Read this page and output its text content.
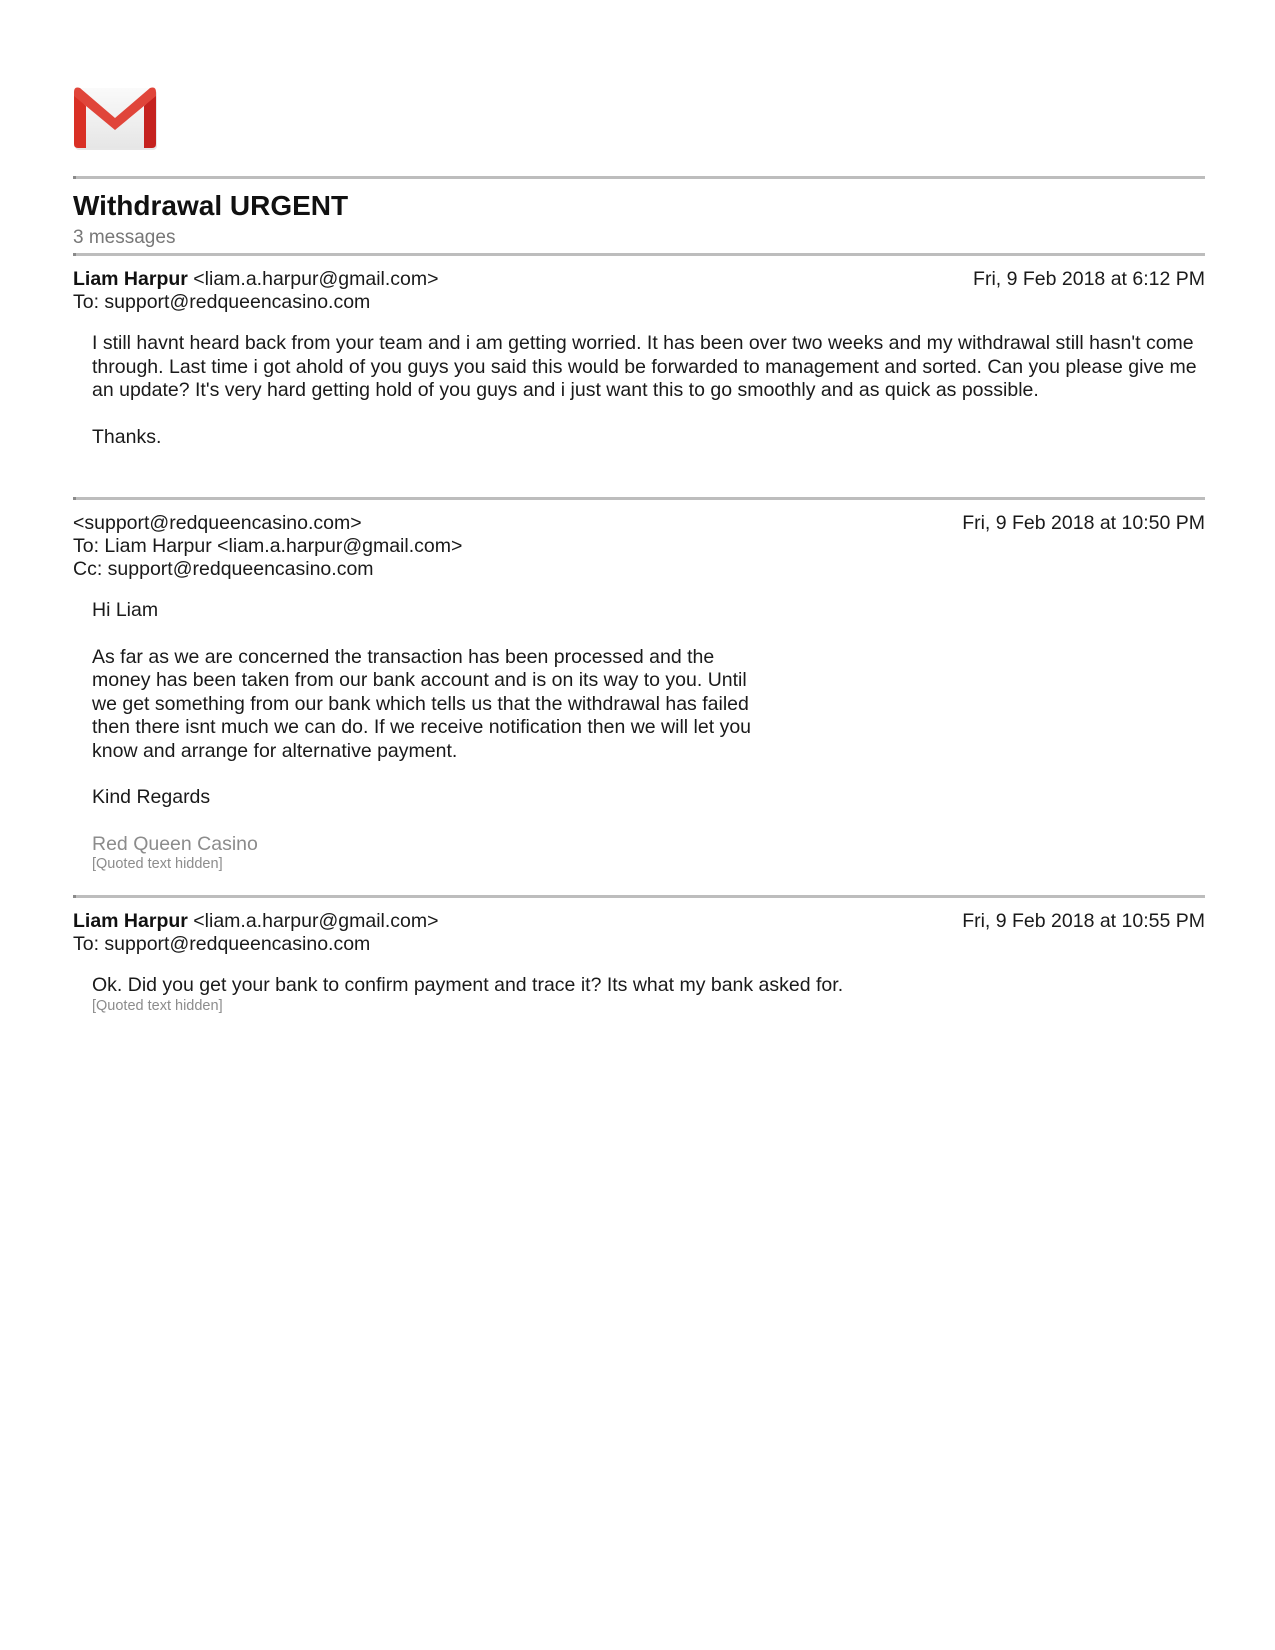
Withdrawal URGENT
3 messages
Liam Harpur <liam.a.harpur@gmail.com>	Fri, 9 Feb 2018 at 6:12 PM
To: support@redqueencasino.com

I still havnt heard back from your team and i am getting worried. It has been over two weeks and my withdrawal still hasn't come through. Last time i got ahold of you guys you said this would be forwarded to management and sorted. Can you please give me an update? It's very hard getting hold of you guys and i just want this to go smoothly and as quick as possible.

Thanks.

<support@redqueencasino.com>	Fri, 9 Feb 2018 at 10:50 PM
To: Liam Harpur <liam.a.harpur@gmail.com>
Cc: support@redqueencasino.com

Hi Liam

As far as we are concerned the transaction has been processed and the money has been taken from our bank account and is on its way to you. Until we get something from our bank which tells us that the withdrawal has failed then there isnt much we can do. If we receive notification then we will let you know and arrange for alternative payment.

Kind Regards

Red Queen Casino
[Quoted text hidden]
Liam Harpur <liam.a.harpur@gmail.com>	Fri, 9 Feb 2018 at 10:55 PM
To: support@redqueencasino.com

Ok. Did you get your bank to confirm payment and trace it? Its what my bank asked for.

[Quoted text hidden]
